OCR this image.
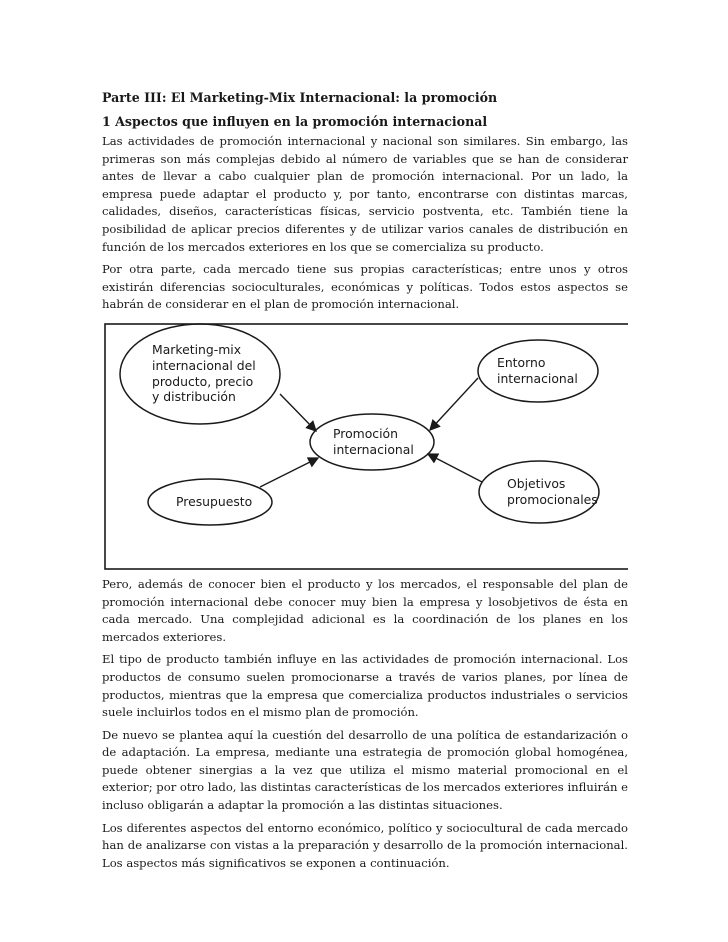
Parte III: El Marketing-Mix Internacional: la promoción
1 Aspectos que influyen en la promoción internacional

Las actividades de promoción internacional y nacional son similares. Sin embargo, las primeras son más complejas debido al número de variables que se han de considerar antes de llevar a cabo cualquier plan de promoción internacional. Por un lado, la empresa puede adaptar el producto y, por tanto, encontrarse con distintas marcas, calidades, diseños, características físicas, servicio postventa, etc. También tiene la posibilidad de aplicar precios diferentes y de utilizar varios canales de distribución en función de los mercados exteriores en los que se comercializa su producto.

Por otra parte, cada mercado tiene sus propias características; entre unos y otros existirán diferencias socioculturales, económicas y políticas. Todos estos aspectos se habrán de considerar en el plan de promoción internacional.

Marketing-mix
internacional del
producto, precio
y distribución
Entorno
internacional
Promoción
internacional
Presupuesto
Objetivos
promocionales

Pero, además de conocer bien el producto y los mercados, el responsable del plan de promoción internacional debe conocer muy bien la empresa y losobjetivos de ésta en cada mercado. Una complejidad adicional es la coordinación de los planes en los mercados exteriores.

El tipo de producto también influye en las actividades de promoción internacional. Los productos de consumo suelen promocionarse a través de varios planes, por línea de productos, mientras que la empresa que comercializa productos industriales o servicios suele incluirlos todos en el mismo plan de promoción.

De nuevo se plantea aquí la cuestión del desarrollo de una política de estandarización o de adaptación. La empresa, mediante una estrategia de promoción global homogénea, puede obtener sinergias a la vez que utiliza el mismo material promocional en el exterior; por otro lado, las distintas características de los mercados exteriores influirán e incluso obligarán a adaptar la promoción a las distintas situaciones.

Los diferentes aspectos del entorno económico, político y sociocultural de cada mercado han de analizarse con vistas a la preparación y desarrollo de la promoción internacional. Los aspectos más significativos se exponen a continuación.
